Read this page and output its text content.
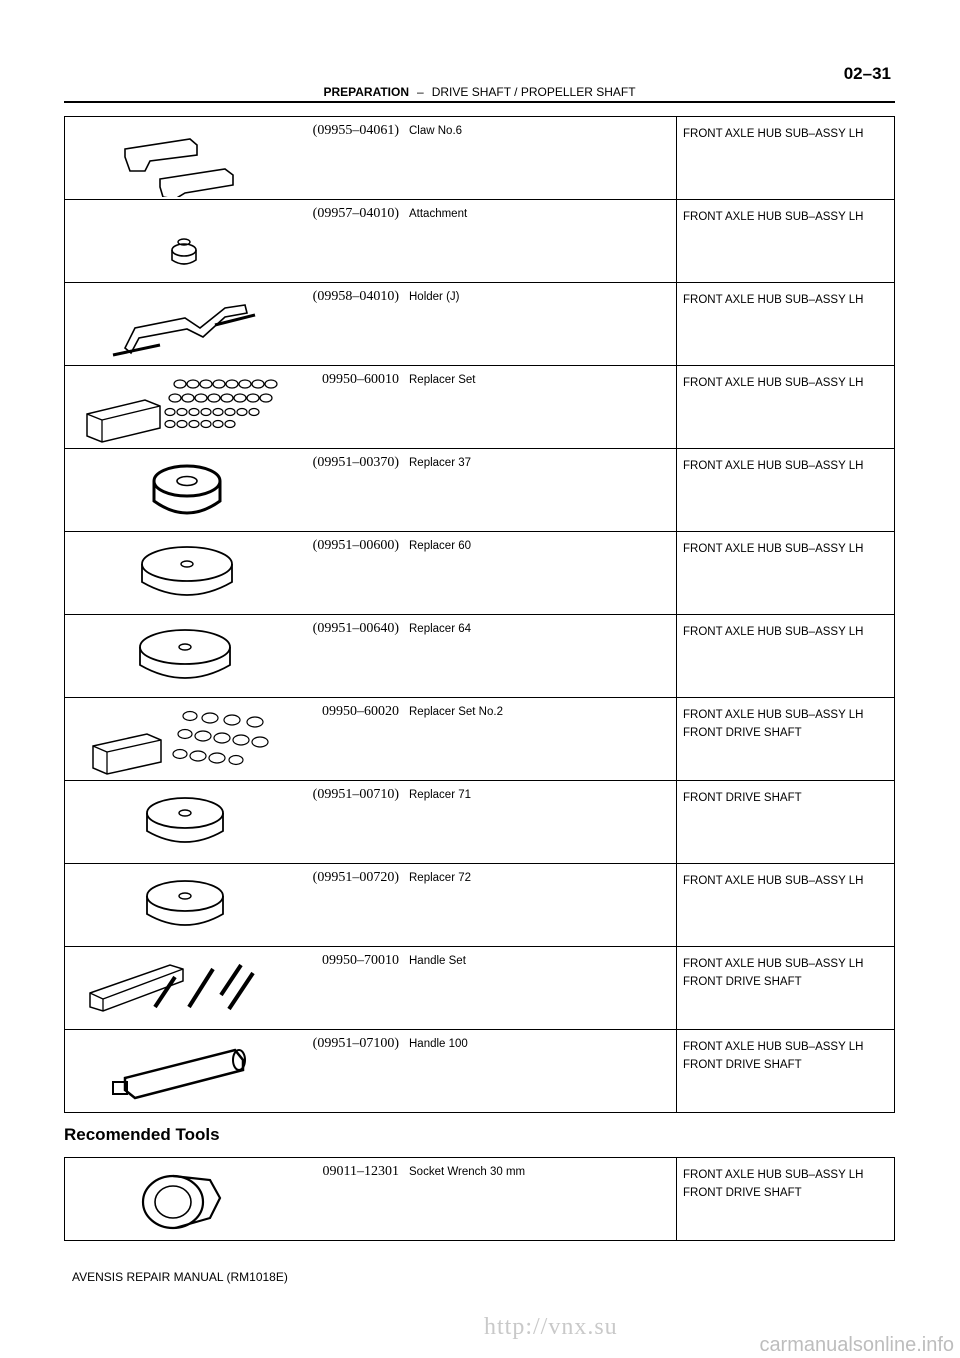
02–31
PREPARATION – DRIVE SHAFT / PROPELLER SHAFT
(09955–04061)	Claw No.6	FRONT AXLE HUB SUB–ASSY LH

(09957–04010)	Attachment	FRONT AXLE HUB SUB–ASSY LH

(09958–04010)	Holder (J)	FRONT AXLE HUB SUB–ASSY LH

09950–60010	Replacer Set	FRONT AXLE HUB SUB–ASSY LH

(09951–00370)	Replacer 37	FRONT AXLE HUB SUB–ASSY LH

(09951–00600)	Replacer 60	FRONT AXLE HUB SUB–ASSY LH

(09951–00640)	Replacer 64	FRONT AXLE HUB SUB–ASSY LH

09950–60020	Replacer Set No.2	FRONT AXLE HUB SUB–ASSY LH
FRONT DRIVE SHAFT

(09951–00710)	Replacer 71	FRONT DRIVE SHAFT

(09951–00720)	Replacer 72	FRONT AXLE HUB SUB–ASSY LH

09950–70010	Handle Set	FRONT AXLE HUB SUB–ASSY LH
FRONT DRIVE SHAFT

(09951–07100)	Handle 100	FRONT AXLE HUB SUB–ASSY LH
FRONT DRIVE SHAFT
Recomended Tools
09011–12301	Socket Wrench 30 mm	FRONT AXLE HUB SUB–ASSY LH
FRONT DRIVE SHAFT
AVENSIS REPAIR MANUAL (RM1018E)
http://vnx.su
carmanualsonline.info
